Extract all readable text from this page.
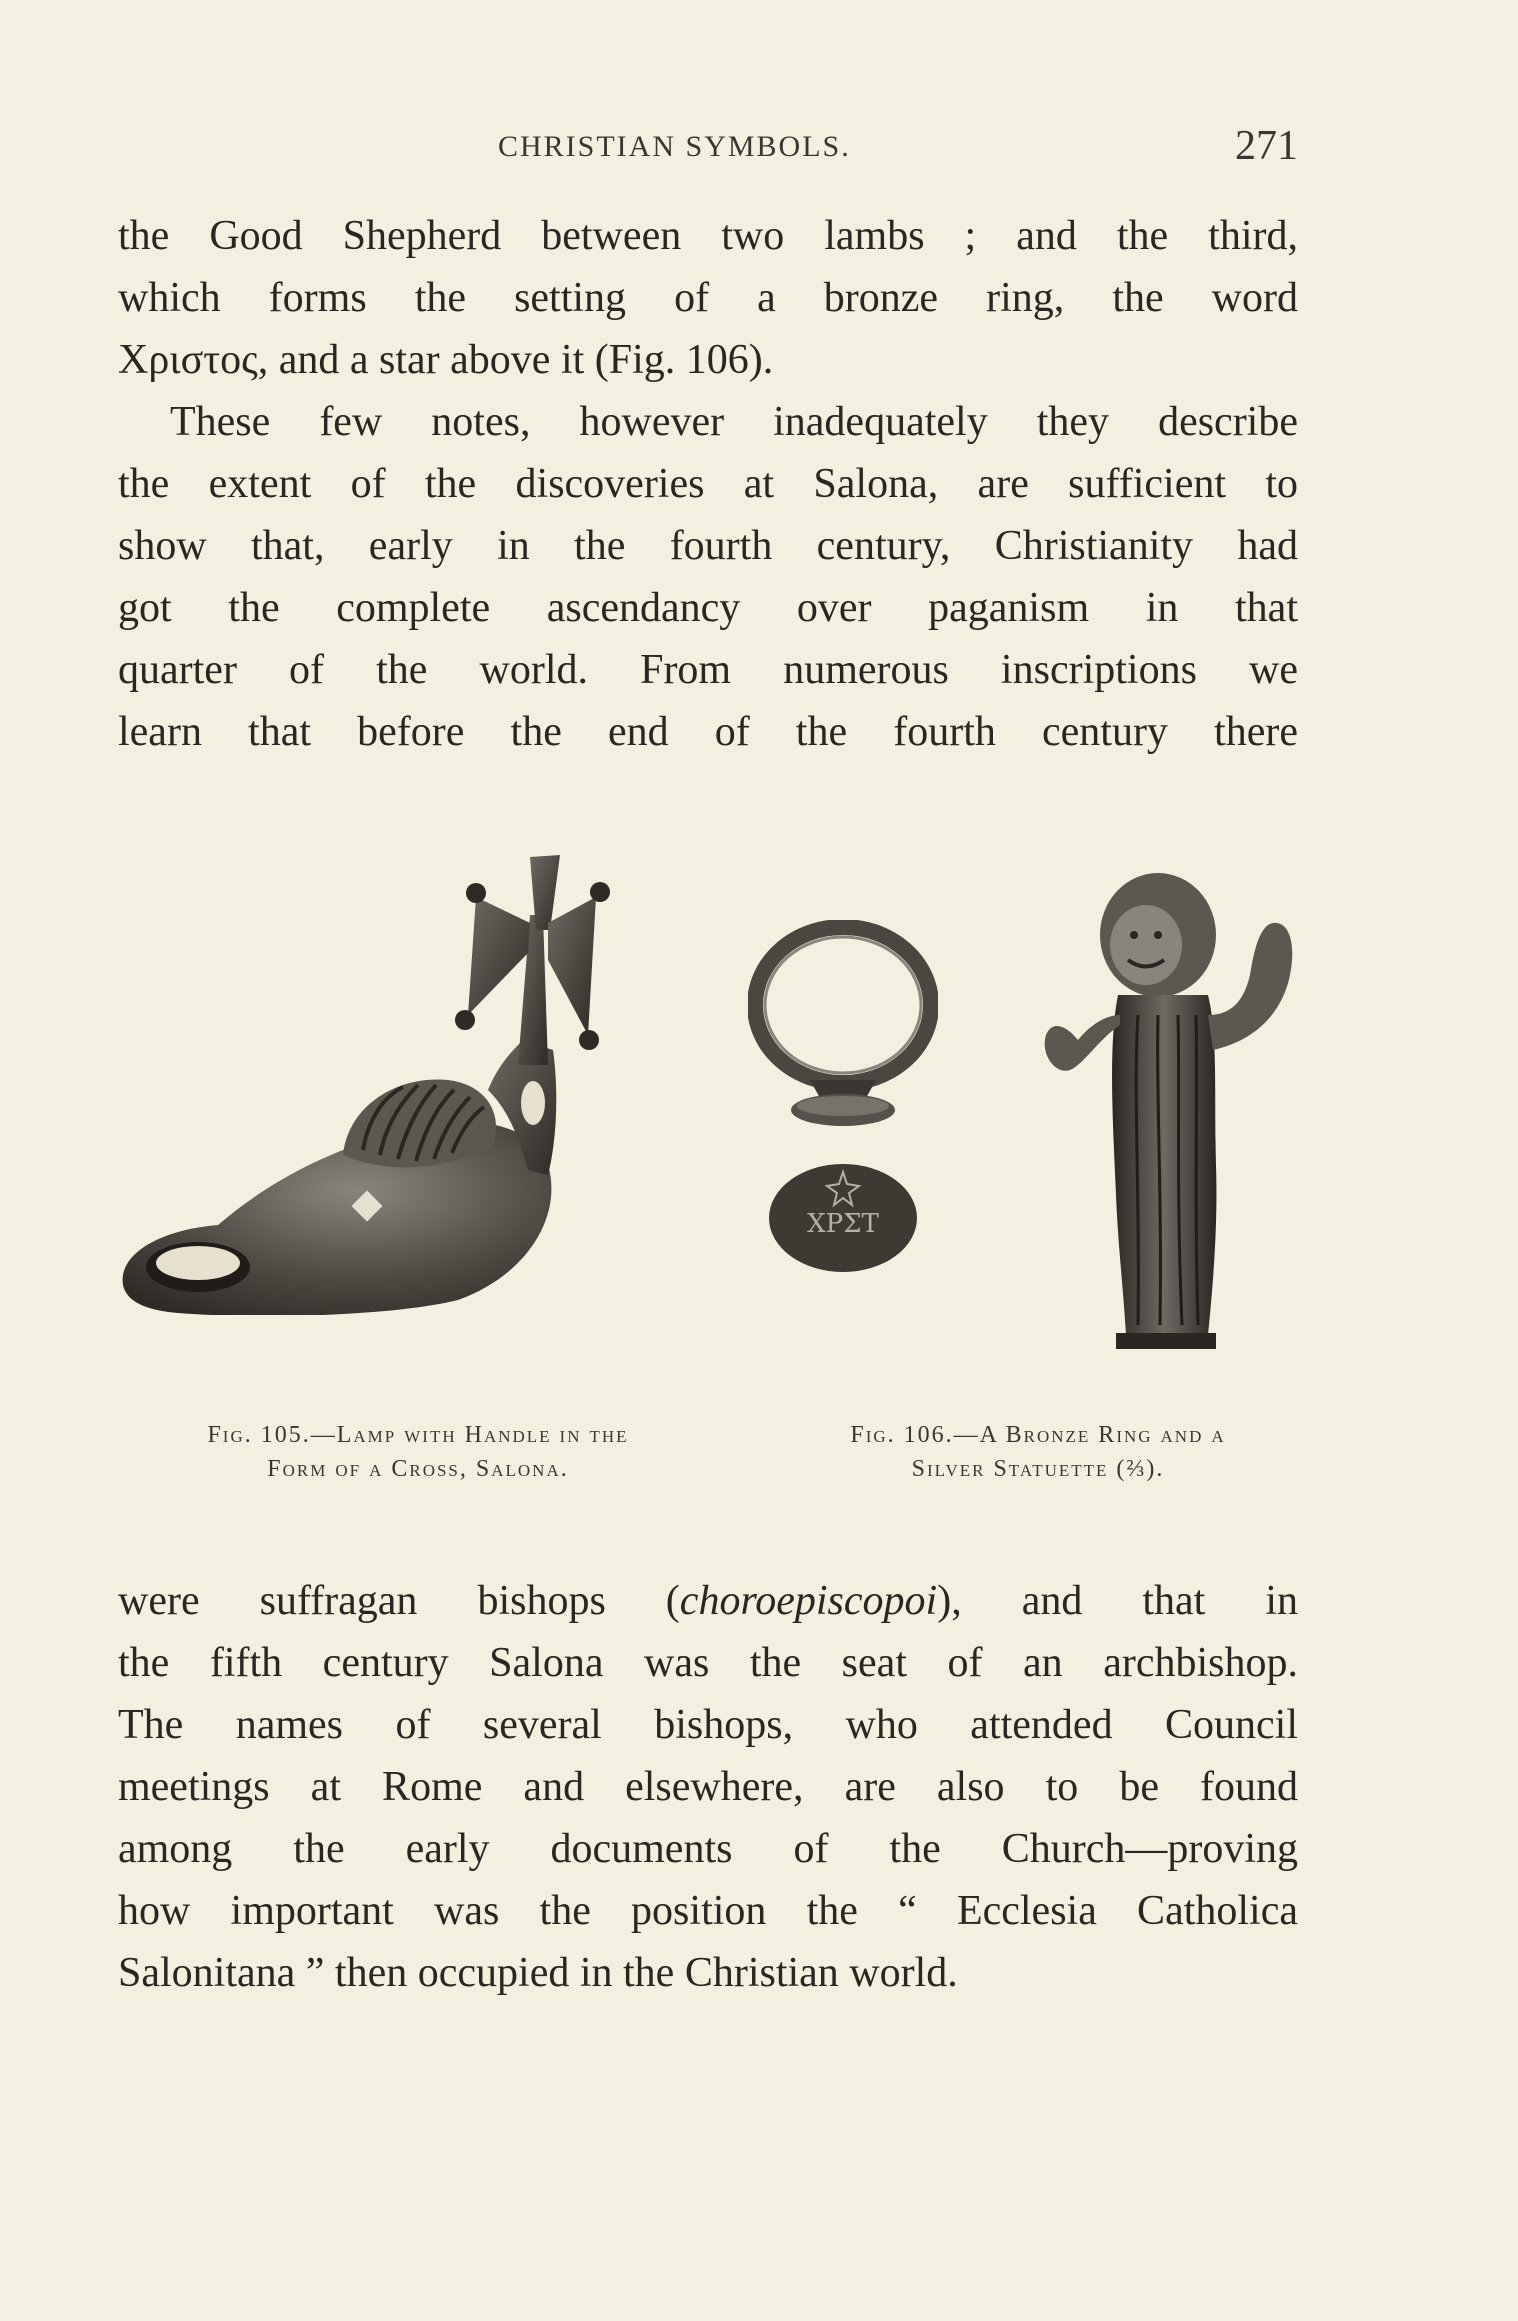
CHRISTIAN SYMBOLS.	271

the Good Shepherd between two lambs ; and the third,
which forms the setting of a bronze ring, the word
Χριστος, and a star above it (Fig. 106).

These few notes, however inadequately they describe
the extent of the discoveries at Salona, are sufficient to
show that, early in the fourth century, Christianity had
got the complete ascendancy over paganism in that
quarter of the world. From numerous inscriptions we
learn that before the end of the fourth century there

ΧΡΣΤ
Fig. 105.—Lamp with Handle in the
Form of a Cross, Salona.
Fig. 106.—A Bronze Ring and a
Silver Statuette (⅔).

were suffragan bishops (choroepiscopoi), and that in
the fifth century Salona was the seat of an archbishop.
The names of several bishops, who attended Council
meetings at Rome and elsewhere, are also to be found
among the early documents of the Church—proving
how important was the position the “ Ecclesia Catholica
Salonitana ” then occupied in the Christian world.
